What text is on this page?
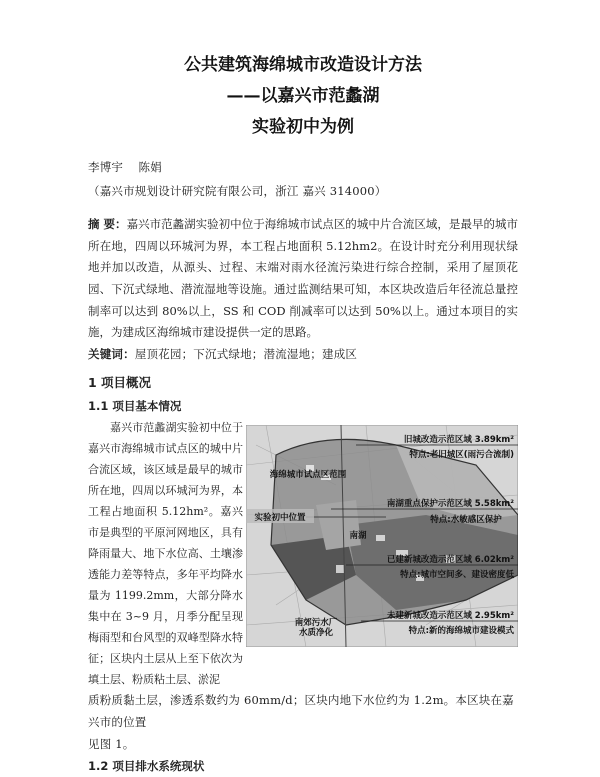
公共建筑海绵城市改造设计方法
——以嘉兴市范蠡湖
实验初中为例
李博宇    陈娟
（嘉兴市规划设计研究院有限公司，浙江 嘉兴 314000）
摘 要：嘉兴市范蠡湖实验初中位于海绵城市试点区的城中片合流区域，是最早的城市所在地，四周以环城河为界，本工程占地面积 5.12hm2。在设计时充分利用现状绿地并加以改造，从源头、过程、末端对雨水径流污染进行综合控制，采用了屋顶花园、下沉式绿地、潜流湿地等设施。通过监测结果可知，本区块改造后年径流总量控制率可以达到 80%以上，SS 和 COD 削减率可以达到 50%以上。通过本项目的实施，为建成区海绵城市建设提供一定的思路。
关键词：屋顶花园；下沉式绿地；潜流湿地；建成区
1 项目概况
1.1 项目基本情况
嘉兴市范蠡湖实验初中位于嘉兴市海绵城市试点区的城中片合流区域，该区域是最早的城市所在地，四周以环城河为界，本工程占地面积 5.12hm²。嘉兴市是典型的平原河网地区，具有降雨量大、地下水位高、土壤渗透能力差等特点，多年平均降水量为 1199.2mm，大部分降水集中在 3~9 月，月季分配呈现梅雨型和台风型的双峰型降水特征；区块内土层从上至下依次为填土层、粉质粘土层、淤泥
旧城改造示范区域 3.89km²
特点:老旧城区(雨污合流制)
南湖重点保护示范区域 5.58km²
特点:水敏感区保护
已建新城改造示范区域 6.02km²
特点:城市空间多、建设密度低
未建新城改造示范区域 2.95km²
特点:新的海绵城市建设模式
海绵城市试点区范围
实验初中位置
南湖
南郊污水厂
水质净化
质粉质黏土层，渗透系数约为 60mm/d；区块内地下水位约为 1.2m。本区块在嘉兴市的位置
见图 1。
1.2 项目排水系统现状
